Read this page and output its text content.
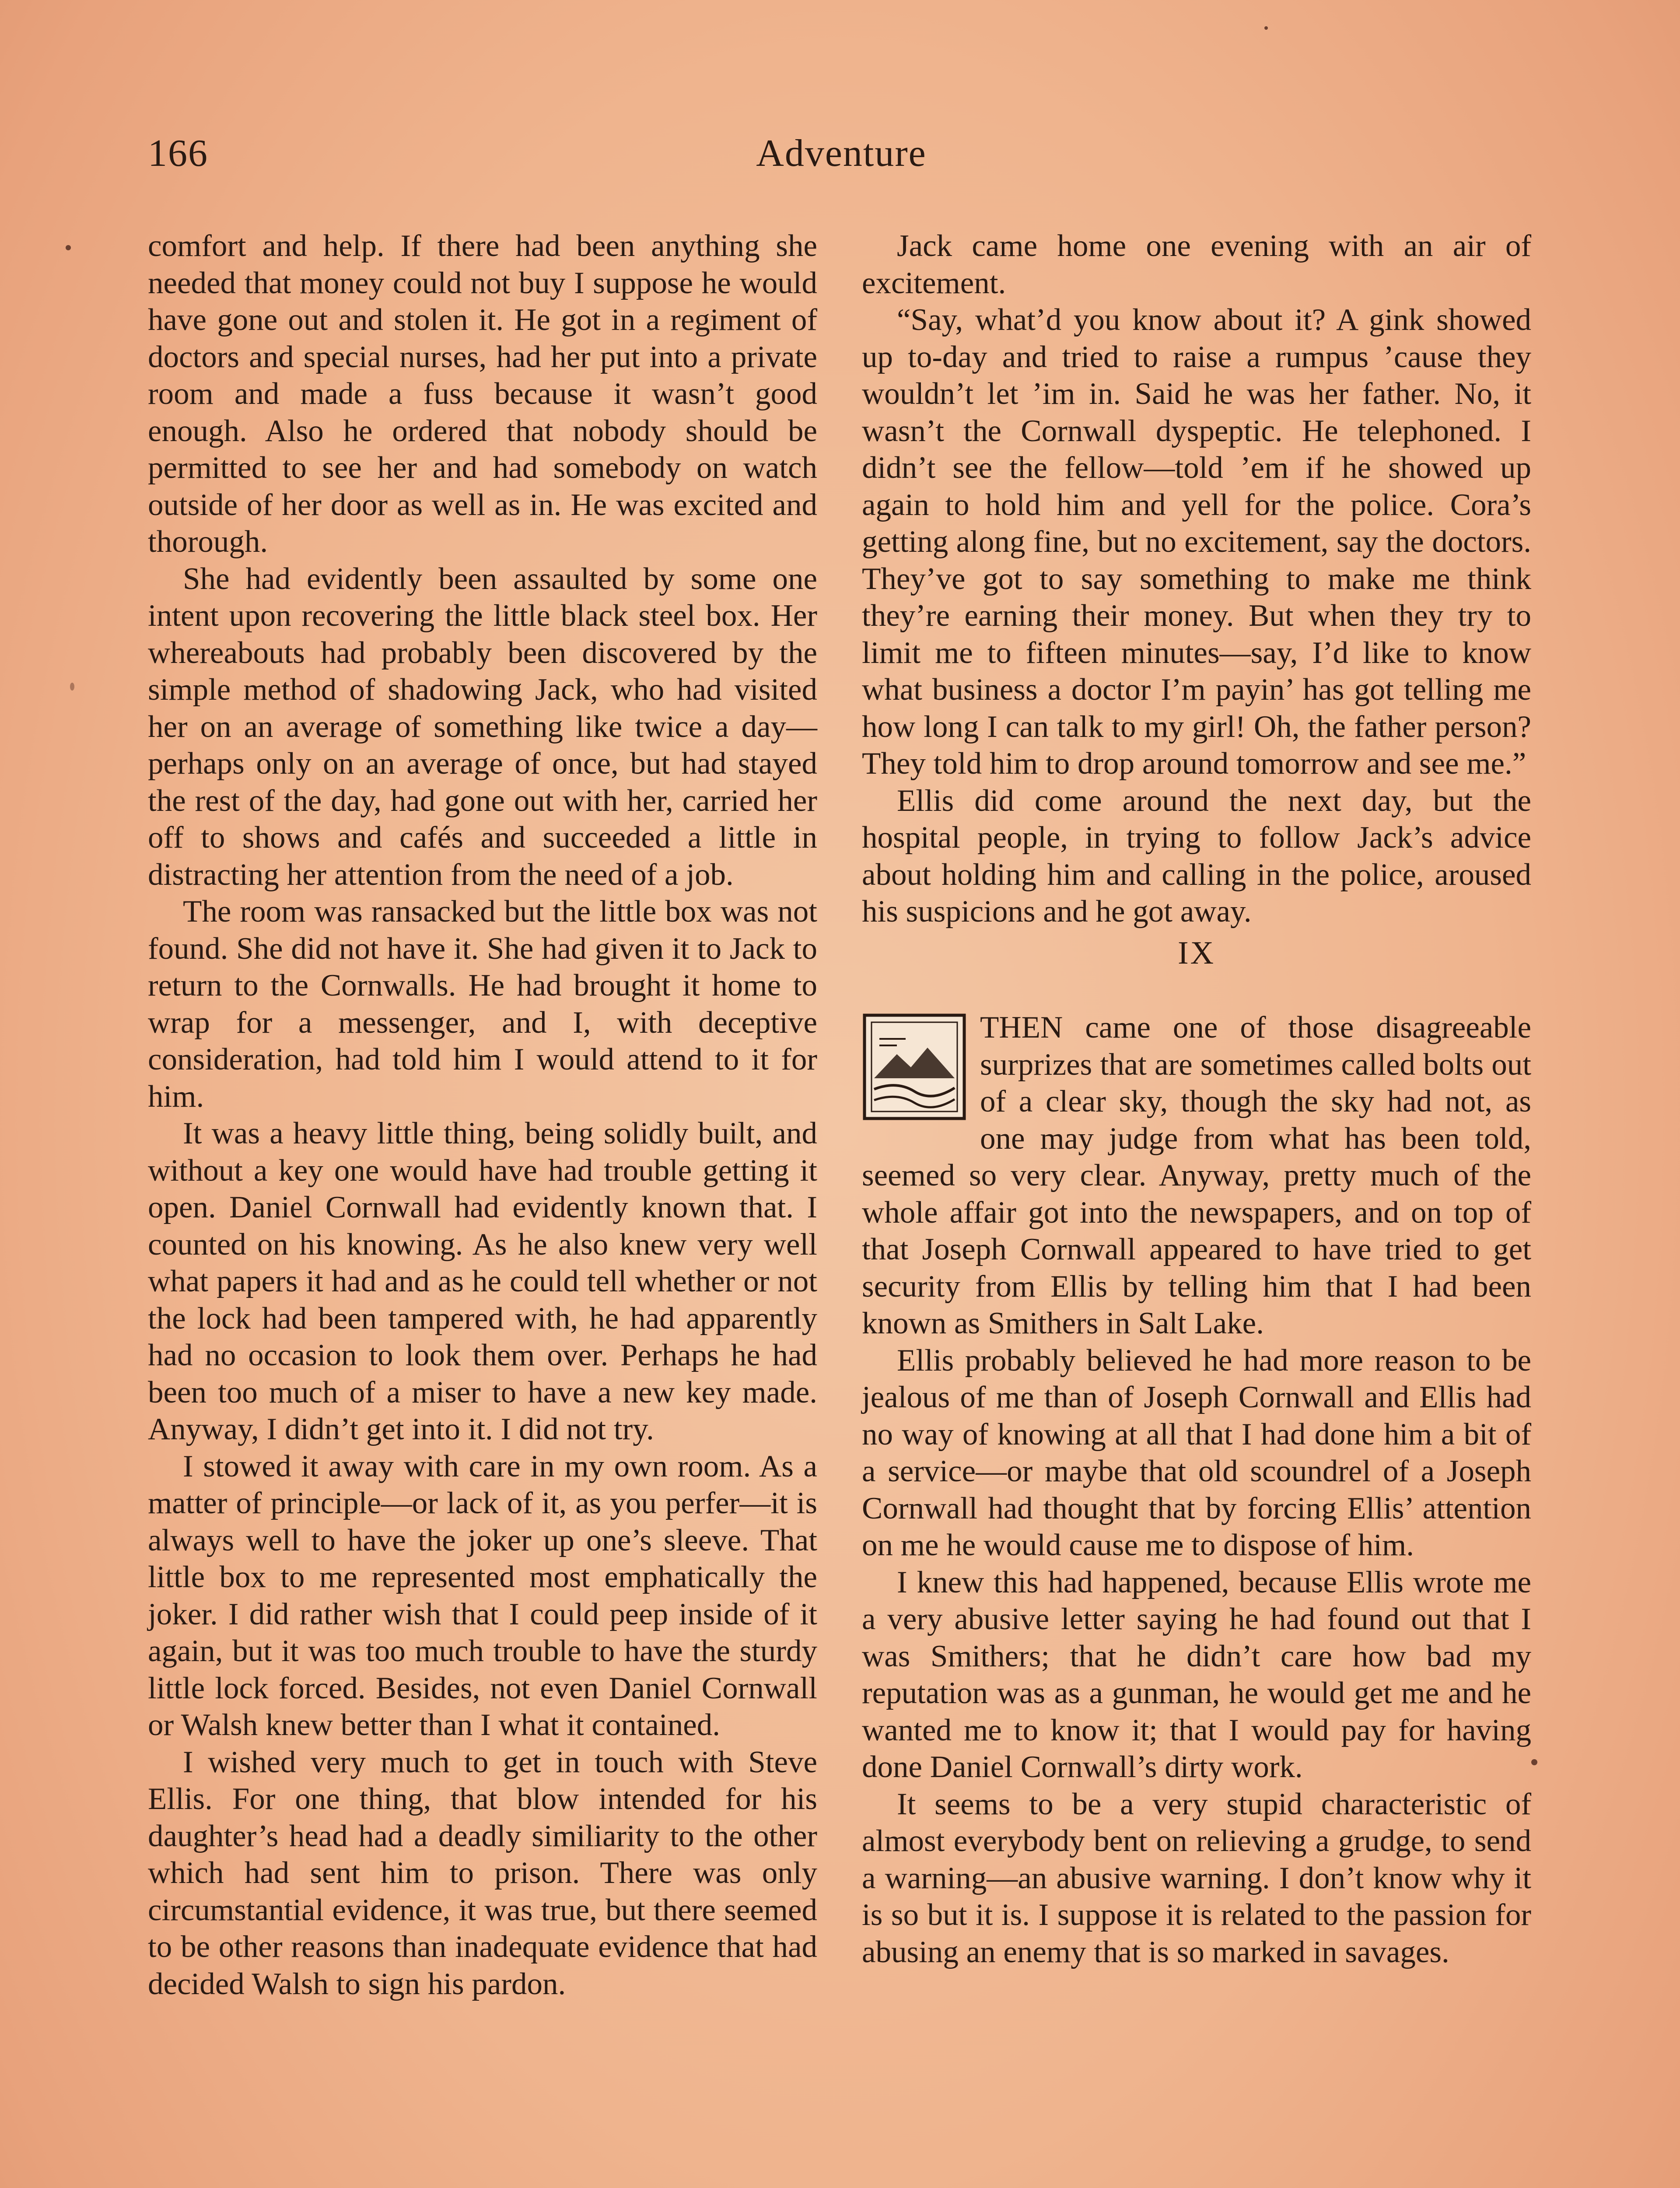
166	Adventure

comfort and help. If there had been anything she needed that money could not buy I suppose he would have gone out and stolen it. He got in a regiment of doctors and special nurses, had her put into a private room and made a fuss because it wasn’t good enough. Also he ordered that nobody should be permitted to see her and had somebody on watch outside of her door as well as in. He was excited and thorough.

She had evidently been assaulted by some one intent upon recovering the little black steel box. Her whereabouts had probably been discovered by the simple method of shadowing Jack, who had visited her on an average of something like twice a day—perhaps only on an average of once, but had stayed the rest of the day, had gone out with her, carried her off to shows and cafés and succeeded a little in distracting her attention from the need of a job.

The room was ransacked but the little box was not found. She did not have it. She had given it to Jack to return to the Cornwalls. He had brought it home to wrap for a messenger, and I, with deceptive consideration, had told him I would attend to it for him.

It was a heavy little thing, being solidly built, and without a key one would have had trouble getting it open. Daniel Cornwall had evidently known that. I counted on his knowing. As he also knew very well what papers it had and as he could tell whether or not the lock had been tampered with, he had apparently had no occasion to look them over. Perhaps he had been too much of a miser to have a new key made. Anyway, I didn’t get into it. I did not try.

I stowed it away with care in my own room. As a matter of principle—or lack of it, as you perfer—it is always well to have the joker up one’s sleeve. That little box to me represented most emphatically the joker. I did rather wish that I could peep inside of it again, but it was too much trouble to have the sturdy little lock forced. Besides, not even Daniel Cornwall or Walsh knew better than I what it contained.

I wished very much to get in touch with Steve Ellis. For one thing, that blow intended for his daughter’s head had a deadly similiarity to the other which had sent him to prison. There was only circumstantial evidence, it was true, but there seemed to be other reasons than inadequate evidence that had decided Walsh to sign his pardon.

Jack came home one evening with an air of excitement.

“Say, what’d you know about it? A gink showed up to-day and tried to raise a rumpus ’cause they wouldn’t let ’im in. Said he was her father. No, it wasn’t the Cornwall dyspeptic. He telephoned. I didn’t see the fellow—told ’em if he showed up again to hold him and yell for the police. Cora’s getting along fine, but no excitement, say the doctors. They’ve got to say something to make me think they’re earning their money. But when they try to limit me to fifteen minutes—say, I’d like to know what business a doctor I’m payin’ has got telling me how long I can talk to my girl! Oh, the father person? They told him to drop around tomorrow and see me.”

Ellis did come around the next day, but the hospital people, in trying to follow Jack’s advice about holding him and calling in the police, aroused his suspicions and he got away.

IX

THEN came one of those disagreeable surprizes that are sometimes called bolts out of a clear sky, though the sky had not, as one may judge from what has been told, seemed so very clear. Anyway, pretty much of the whole affair got into the newspapers, and on top of that Joseph Cornwall appeared to have tried to get security from Ellis by telling him that I had been known as Smithers in Salt Lake.

Ellis probably believed he had more reason to be jealous of me than of Joseph Cornwall and Ellis had no way of knowing at all that I had done him a bit of a service—or maybe that old scoundrel of a Joseph Cornwall had thought that by forcing Ellis’ attention on me he would cause me to dispose of him.

I knew this had happened, because Ellis wrote me a very abusive letter saying he had found out that I was Smithers; that he didn’t care how bad my reputation was as a gunman, he would get me and he wanted me to know it; that I would pay for having done Daniel Cornwall’s dirty work.

It seems to be a very stupid characteristic of almost everybody bent on relieving a grudge, to send a warning—an abusive warning. I don’t know why it is so but it is. I suppose it is related to the passion for abusing an enemy that is so marked in savages.
